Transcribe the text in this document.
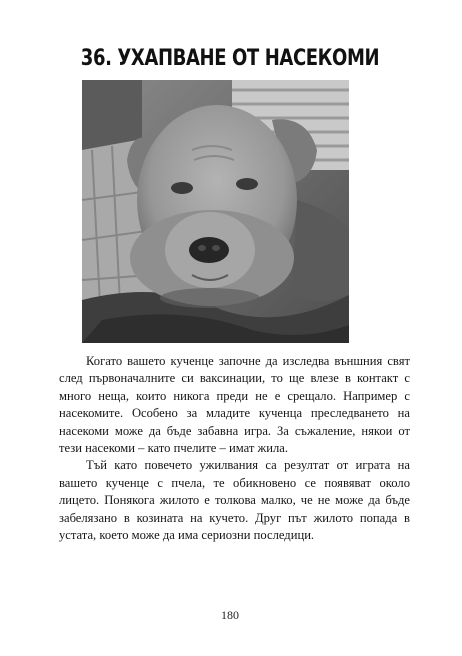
36. УХАПВАНЕ ОТ НАСЕКОМИ

Когато вашето кученце започне да изследва външния свят след първоначалните си ваксинации, то ще влезе в контакт с много неща, които никога преди не е срещало. Например с насекомите. Особено за младите кученца преследването на насекоми може да бъде забавна игра. За съжаление, някои от тези насекоми – като пчелите – имат жила.

Тъй като повечето ужилвания са резултат от играта на вашето кученце с пчела, те обикновено се появяват около лицето. Понякога жилото е толкова малко, че не може да бъде забелязано в козината на кучето. Друг път жилото попада в устата, което може да има сериозни последици.

180
